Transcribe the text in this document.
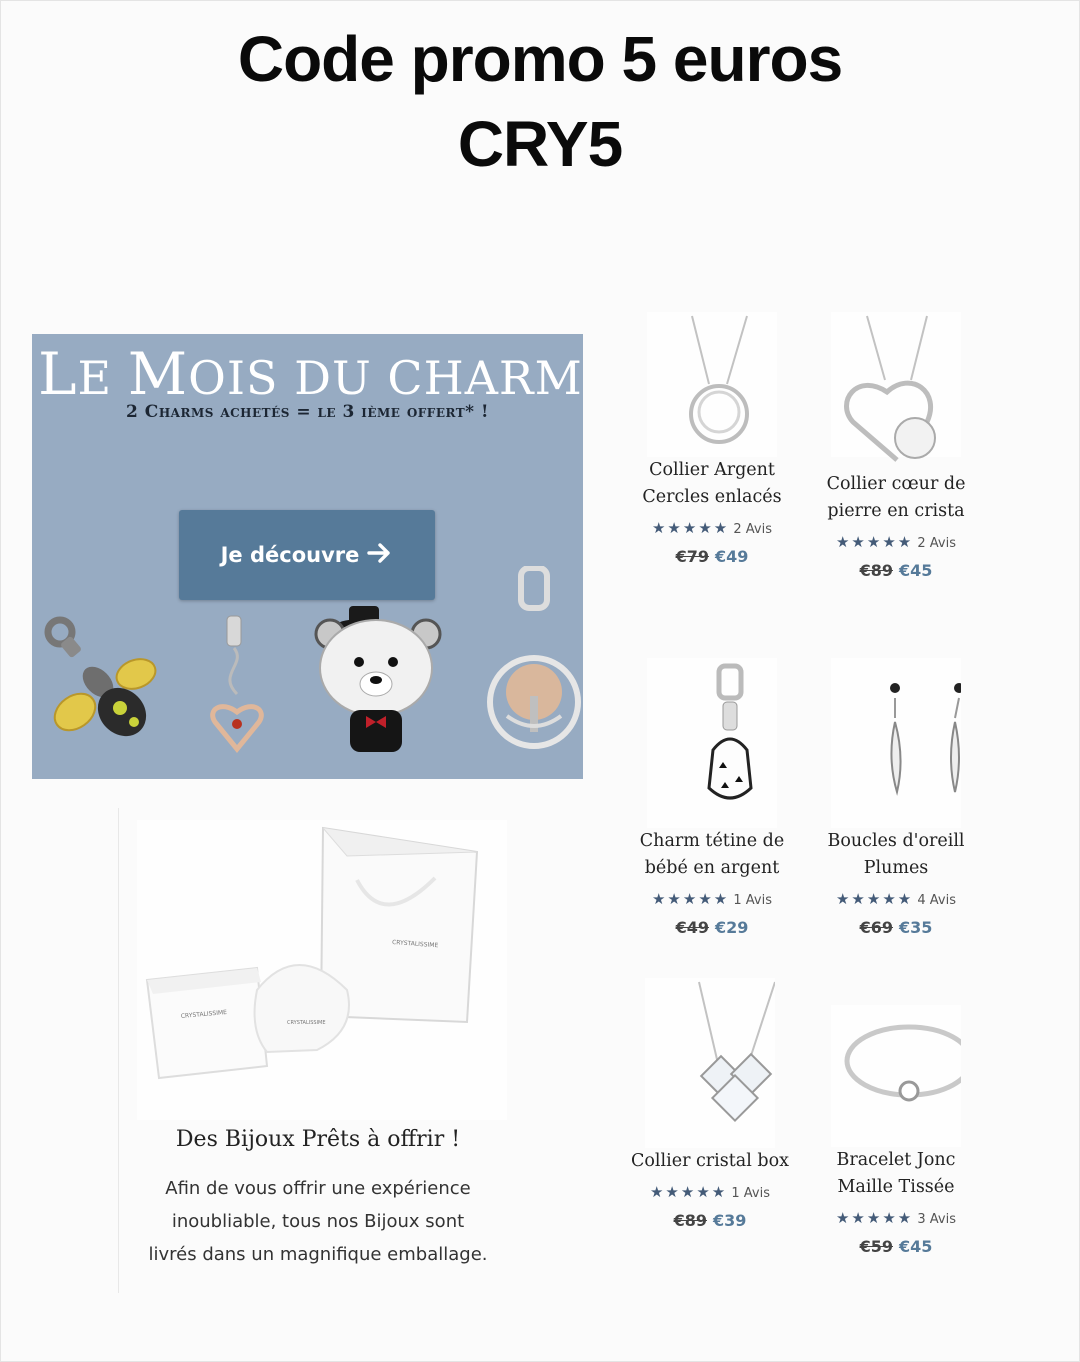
Code promo 5 euros
CRY5
LE MOIS DU CHARM
2 Charms achetés = le 3 ième offert* !
Je découvre
CRYSTALISSIME
CRYSTALISSIME
CRYSTALISSIME
Des Bijoux Prêts à offrir !
Afin de vous offrir une expérience
inoubliable, tous nos Bijoux sont
livrés dans un magnifique emballage.
Collier Argent
Cercles enlacés
★★★★★ 2 Avis
€79 €49
Collier cœur de
pierre en crista
★★★★★ 2 Avis
€89 €45
Charm tétine de
bébé en argent
★★★★★ 1 Avis
€49 €29
Boucles d'oreill
Plumes
★★★★★ 4 Avis
€69 €35
Collier cristal box
★★★★★ 1 Avis
€89 €39
Bracelet Jonc
Maille Tissée
★★★★★ 3 Avis
€59 €45
